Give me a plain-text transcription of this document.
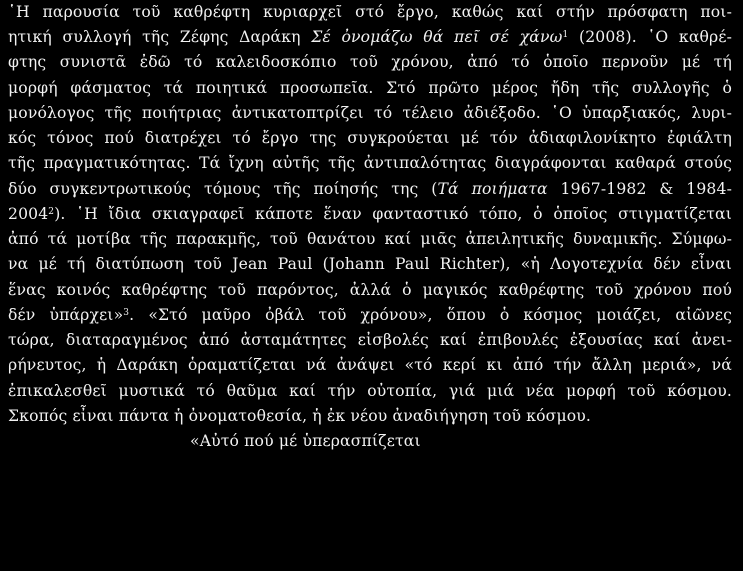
῾Η παρουσία τοῦ καθρέφτη κυριαρχεῖ στό ἔργο, καθώς καί στήν πρόσφατη ποι-
ητική συλλογή τῆς Ζέφης Δαράκη Σέ ὀνομάζω θά πεῖ σέ χάνω$^1$ (2008). ῾Ο καθρέ-
φτης συνιστᾶ ἐδῶ τό καλειδοσκόπιο τοῦ χρόνου, ἀπό τό ὁποῖο περνοῦν μέ τή
μορφή φάσματος τά ποιητικά προσωπεῖα. Στό πρῶτο μέρος ἤδη τῆς συλλογῆς ὁ
μονόλογος τῆς ποιήτριας ἀντικατοπτρίζει τό τέλειο ἀδιέξοδο. ῾Ο ὑπαρξιακός, λυρι-
κός τόνος πού διατρέχει τό ἔργο της συγκρούεται μέ τόν ἀδιαφιλονίκητο ἐφιάλτη
τῆς πραγματικότητας. Τά ἴχνη αὐτῆς τῆς ἀντιπαλότητας διαγράφονται καθαρά στούς
δύο συγκεντρωτικούς τόμους τῆς ποίησής της (Τά ποιήματα 1967-1982 & 1984-
2004$^2$). ῾Η ἴδια σκιαγραφεῖ κάποτε ἕναν φανταστικό τόπο, ὁ ὁποῖος στιγματίζεται
ἀπό τά μοτίβα τῆς παρακμῆς, τοῦ θανάτου καί μιᾶς ἀπειλητικῆς δυναμικῆς. Σύμφω-
να μέ τή διατύπωση τοῦ Jean Paul (Johann Paul Richter), «ἡ Λογοτεχνία δέν εἶναι
ἕνας κοινός καθρέφτης τοῦ παρόντος, ἀλλά ὁ μαγικός καθρέφτης τοῦ χρόνου πού
δέν ὑπάρχει»$^3$. «Στό μαῦρο ὀβάλ τοῦ χρόνου», ὅπου ὁ κόσμος μοιάζει, αἰῶνες
τώρα, διαταραγμένος ἀπό ἀσταμάτητες εἰσβολές καί ἐπιβουλές ἐξουσίας καί ἀνει-
ρήνευτος, ἡ Δαράκη ὁραματίζεται νά ἀνάψει «τό κερί κι ἀπό τήν ἄλλη μεριά», νά
ἐπικαλεσθεῖ μυστικά τό θαῦμα καί τήν οὐτοπία, γιά μιά νέα μορφή τοῦ κόσμου.
Σκοπός εἶναι πάντα ἡ ὀνοματοθεσία, ἡ ἐκ νέου ἀναδιήγηση τοῦ κόσμου.
«Αὐτό πού μέ ὑπερασπίζεται
